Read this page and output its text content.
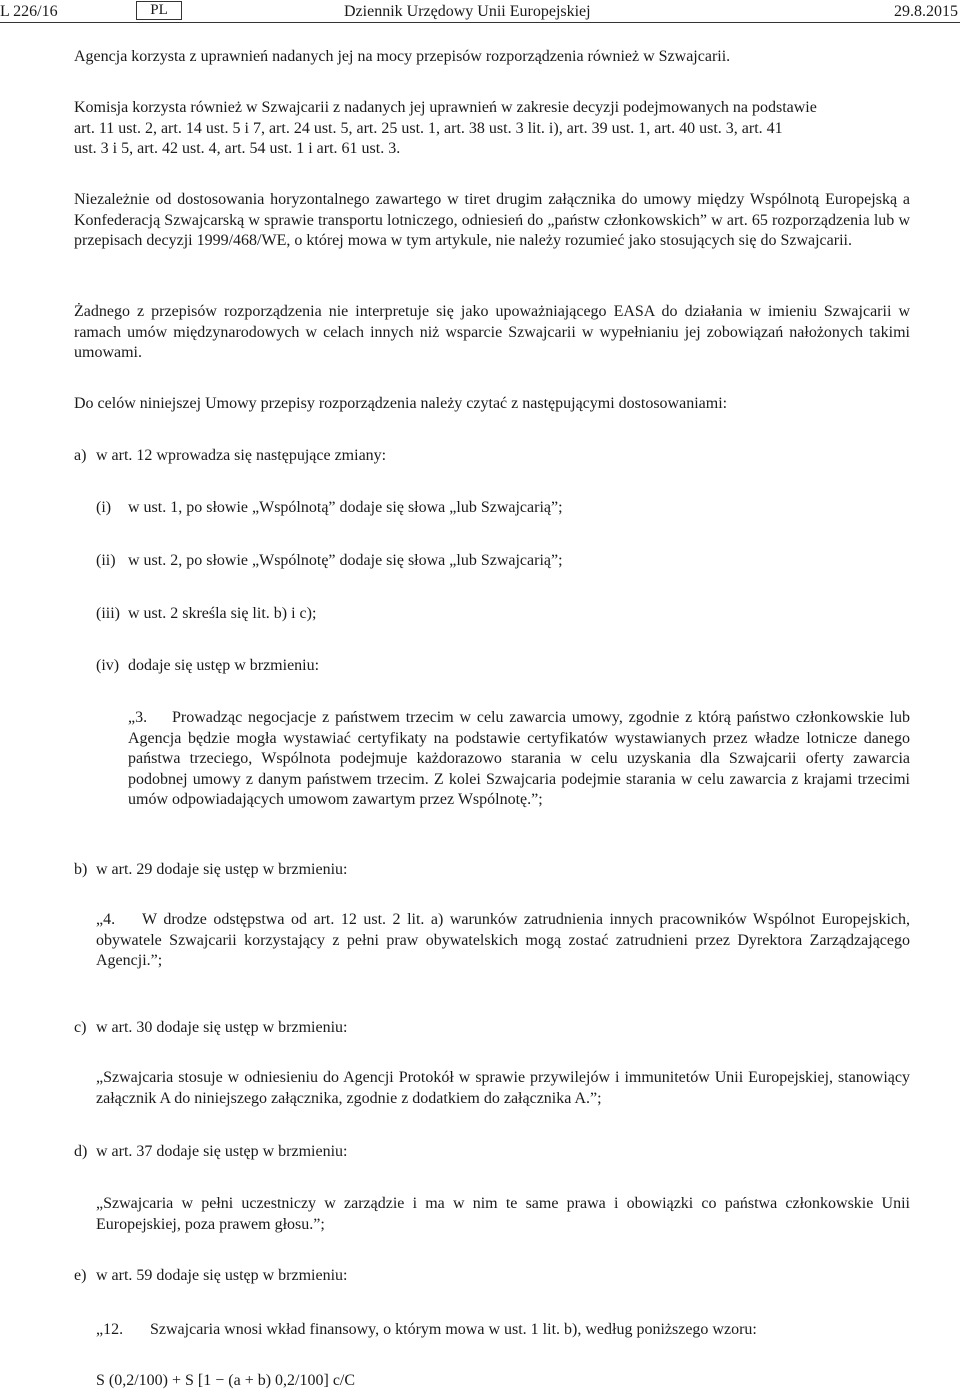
L 226/16	PL	Dziennik Urzędowy Unii Europejskiej	29.8.2015

Agencja korzysta z uprawnień nadanych jej na mocy przepisów rozporządzenia również w Szwajcarii.

Komisja korzysta również w Szwajcarii z nadanych jej uprawnień w zakresie decyzji podejmowanych na podstawie

art. 11 ust. 2, art. 14 ust. 5 i 7, art. 24 ust. 5, art. 25 ust. 1, art. 38 ust. 3 lit. i), art. 39 ust. 1, art. 40 ust. 3, art. 41

ust. 3 i 5, art. 42 ust. 4, art. 54 ust. 1 i art. 61 ust. 3.

Niezależnie od dostosowania horyzontalnego zawartego w tiret drugim załącznika do umowy między Wspólnotą Europejską a Konfederacją Szwajcarską w sprawie transportu lotniczego, odniesień do „państw członkowskich” w art. 65 rozporządzenia lub w przepisach decyzji 1999/468/WE, o której mowa w tym artykule, nie należy rozumieć jako stosujących się do Szwajcarii.

Żadnego z przepisów rozporządzenia nie interpretuje się jako upoważniającego EASA do działania w imieniu Szwajcarii w ramach umów międzynarodowych w celach innych niż wsparcie Szwajcarii w wypełnianiu jej zobowiązań nałożonych takimi umowami.

Do celów niniejszej Umowy przepisy rozporządzenia należy czytać z następującymi dostosowaniami:

a) w art. 12 wprowadza się następujące zmiany:
(i) w ust. 1, po słowie „Wspólnotą” dodaje się słowa „lub Szwajcarią”;
(ii) w ust. 2, po słowie „Wspólnotę” dodaje się słowa „lub Szwajcarią”;
(iii) w ust. 2 skreśla się lit. b) i c);
(iv) dodaje się ustęp w brzmieniu:
„3. Prowadząc negocjacje z państwem trzecim w celu zawarcia umowy, zgodnie z którą państwo członkowskie lub Agencja będzie mogła wystawiać certyfikaty na podstawie certyfikatów wystawianych przez władze lotnicze danego państwa trzeciego, Wspólnota podejmuje każdorazowo starania w celu uzyskania dla Szwajcarii oferty zawarcia podobnej umowy z danym państwem trzecim. Z kolei Szwajcaria podejmie starania w celu zawarcia z krajami trzecimi umów odpowiadających umowom zawartym przez Wspólnotę.”;
b) w art. 29 dodaje się ustęp w brzmieniu:
„4. W drodze odstępstwa od art. 12 ust. 2 lit. a) warunków zatrudnienia innych pracowników Wspólnot Europejskich, obywatele Szwajcarii korzystający z pełni praw obywatelskich mogą zostać zatrudnieni przez Dyrektora Zarządzającego Agencji.”;
c) w art. 30 dodaje się ustęp w brzmieniu:
„Szwajcaria stosuje w odniesieniu do Agencji Protokół w sprawie przywilejów i immunitetów Unii Europejskiej, stanowiący załącznik A do niniejszego załącznika, zgodnie z dodatkiem do załącznika A.”;
d) w art. 37 dodaje się ustęp w brzmieniu:
„Szwajcaria w pełni uczestniczy w zarządzie i ma w nim te same prawa i obowiązki co państwa członkowskie Unii Europejskiej, poza prawem głosu.”;
e) w art. 59 dodaje się ustęp w brzmieniu:
„12. Szwajcaria wnosi wkład finansowy, o którym mowa w ust. 1 lit. b), według poniższego wzoru:
S (0,2/100) + S [1 − (a + b) 0,2/100] c/C
